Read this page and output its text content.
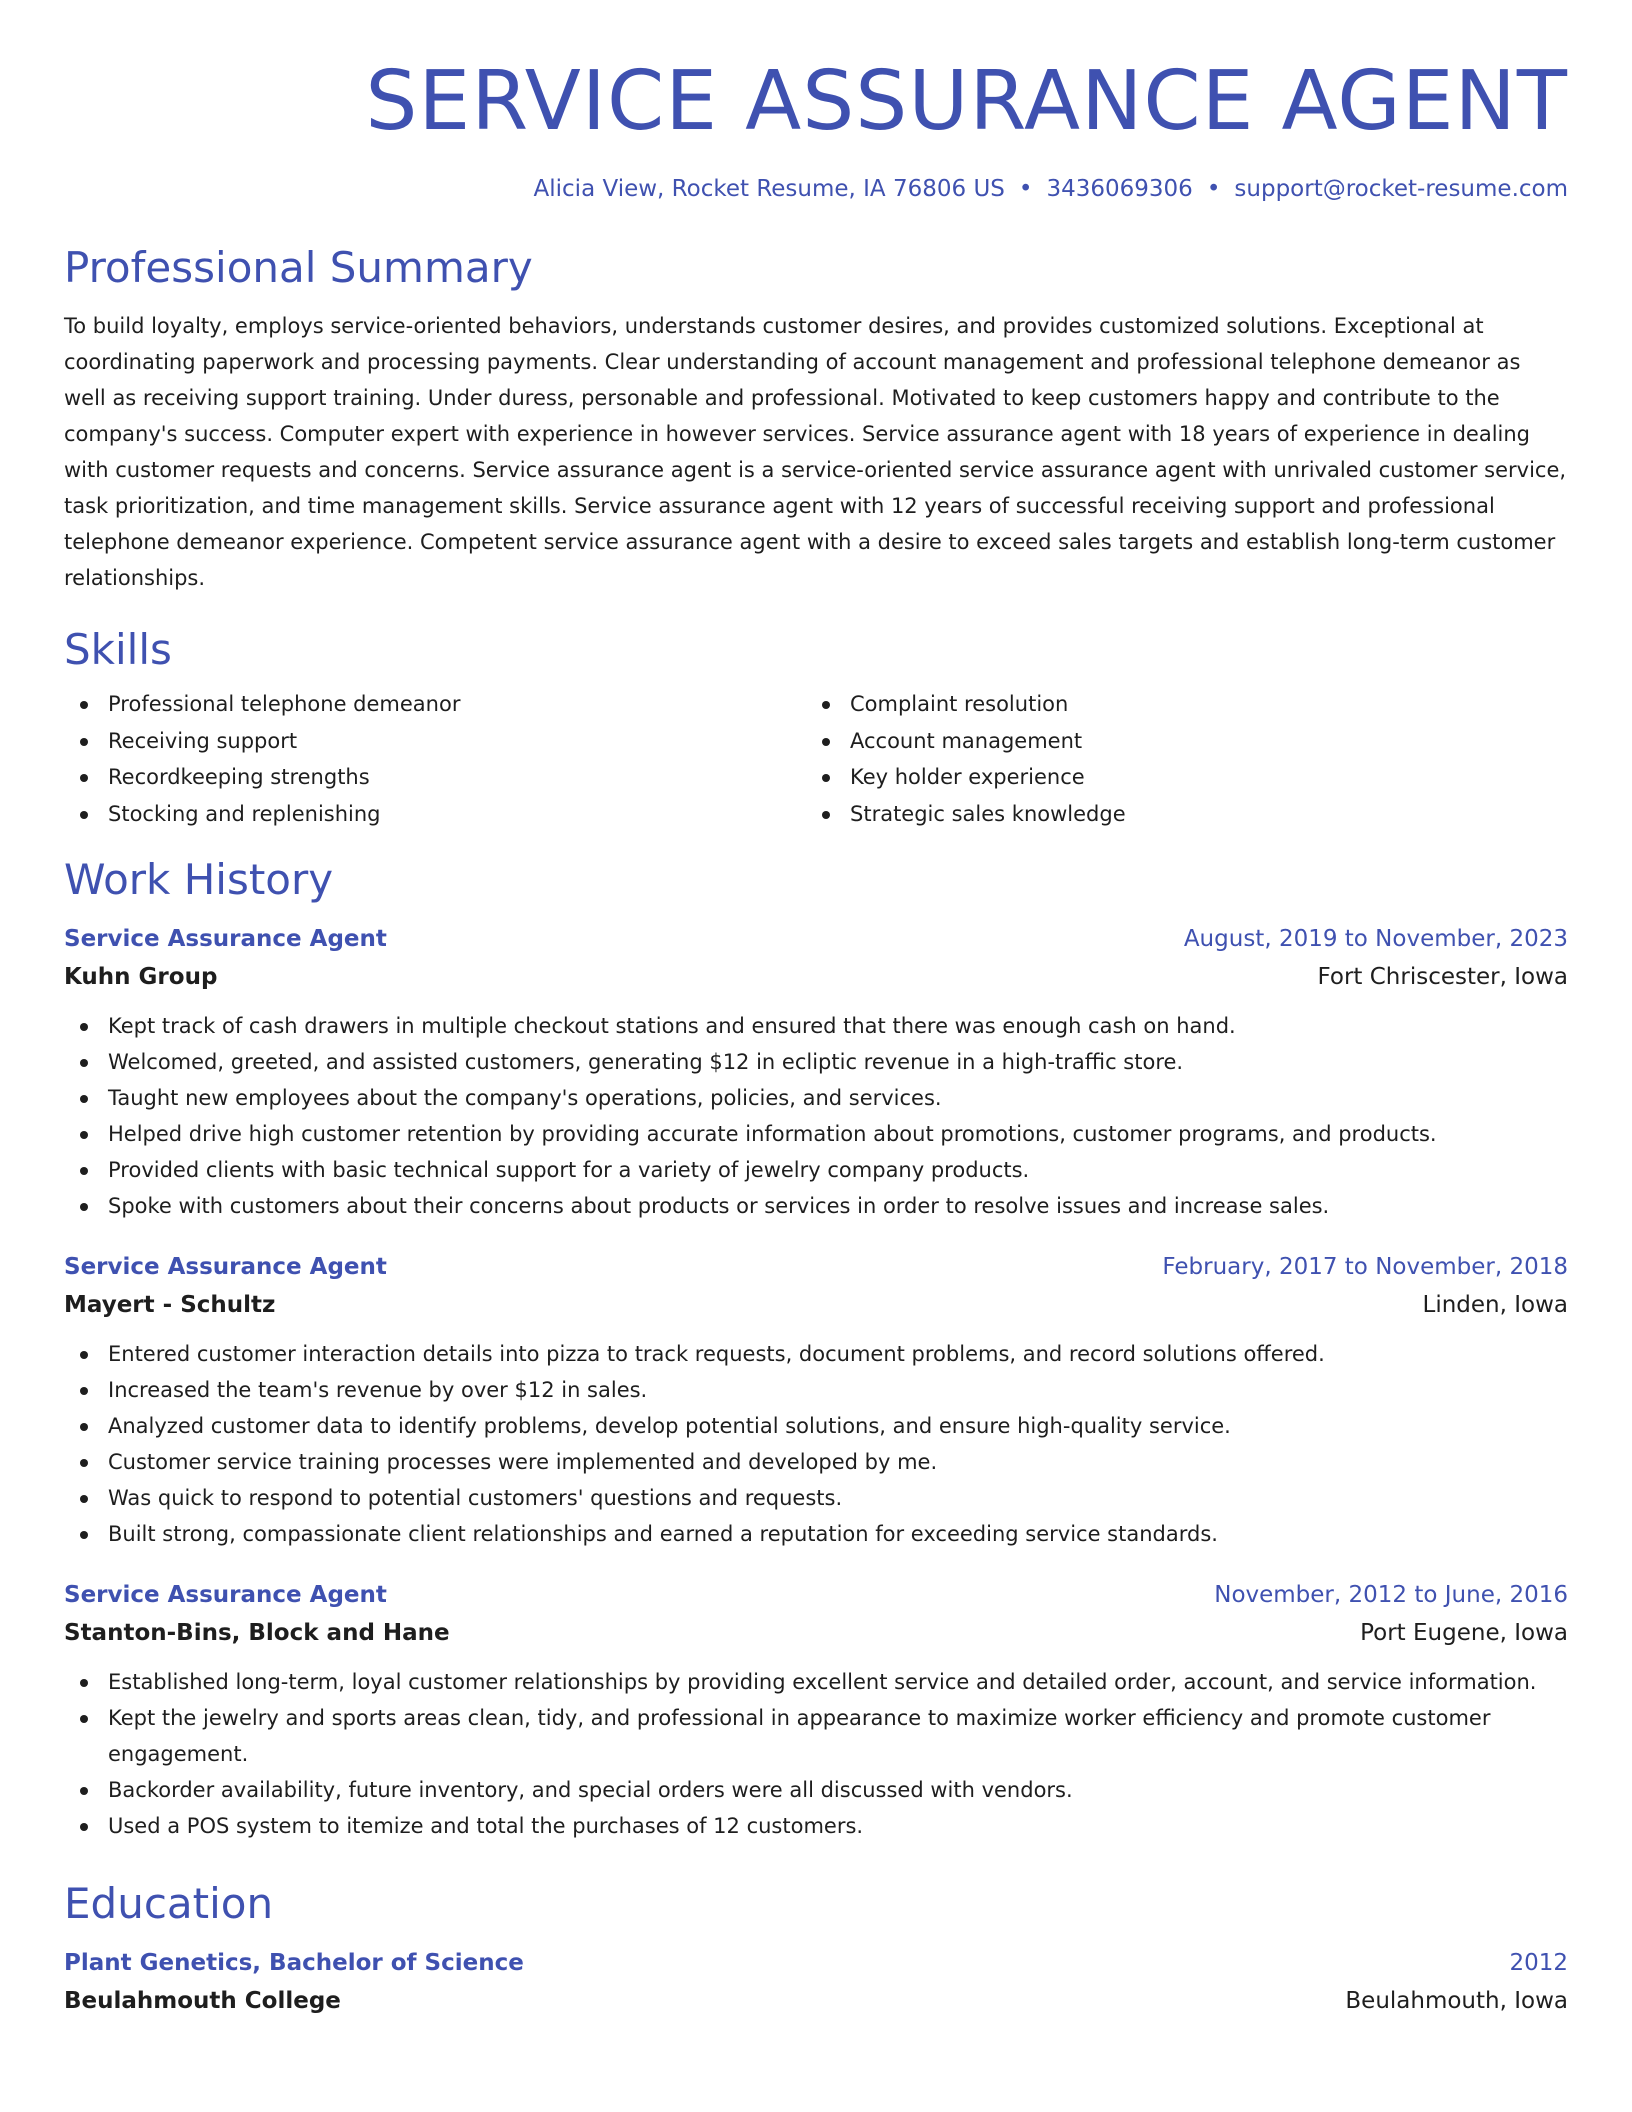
SERVICE ASSURANCE AGENT
Alicia View, Rocket Resume, IA 76806 US • 3436069306 • support@rocket-resume.com
Professional Summary
To build loyalty, employs service-oriented behaviors, understands customer desires, and provides customized solutions. Exceptional at coordinating paperwork and processing payments. Clear understanding of account management and professional telephone demeanor as well as receiving support training. Under duress, personable and professional. Motivated to keep customers happy and contribute to the company's success. Computer expert with experience in however services. Service assurance agent with 18 years of experience in dealing with customer requests and concerns. Service assurance agent is a service-oriented service assurance agent with unrivaled customer service, task prioritization, and time management skills. Service assurance agent with 12 years of successful receiving support and professional telephone demeanor experience. Competent service assurance agent with a desire to exceed sales targets and establish long-term customer relationships.
Skills
Professional telephone demeanor
Receiving support
Recordkeeping strengths
Stocking and replenishing
Complaint resolution
Account management
Key holder experience
Strategic sales knowledge
Work History
Service Assurance Agent	August, 2019 to November, 2023
Kuhn Group	Fort Chriscester, Iowa
Kept track of cash drawers in multiple checkout stations and ensured that there was enough cash on hand.
Welcomed, greeted, and assisted customers, generating $12 in ecliptic revenue in a high-traffic store.
Taught new employees about the company's operations, policies, and services.
Helped drive high customer retention by providing accurate information about promotions, customer programs, and products.
Provided clients with basic technical support for a variety of jewelry company products.
Spoke with customers about their concerns about products or services in order to resolve issues and increase sales.
Service Assurance Agent	February, 2017 to November, 2018
Mayert - Schultz	Linden, Iowa
Entered customer interaction details into pizza to track requests, document problems, and record solutions offered.
Increased the team's revenue by over $12 in sales.
Analyzed customer data to identify problems, develop potential solutions, and ensure high-quality service.
Customer service training processes were implemented and developed by me.
Was quick to respond to potential customers' questions and requests.
Built strong, compassionate client relationships and earned a reputation for exceeding service standards.
Service Assurance Agent	November, 2012 to June, 2016
Stanton-Bins, Block and Hane	Port Eugene, Iowa
Established long-term, loyal customer relationships by providing excellent service and detailed order, account, and service information.
Kept the jewelry and sports areas clean, tidy, and professional in appearance to maximize worker efficiency and promote customer engagement.
Backorder availability, future inventory, and special orders were all discussed with vendors.
Used a POS system to itemize and total the purchases of 12 customers.
Education
Plant Genetics, Bachelor of Science	2012
Beulahmouth College	Beulahmouth, Iowa
